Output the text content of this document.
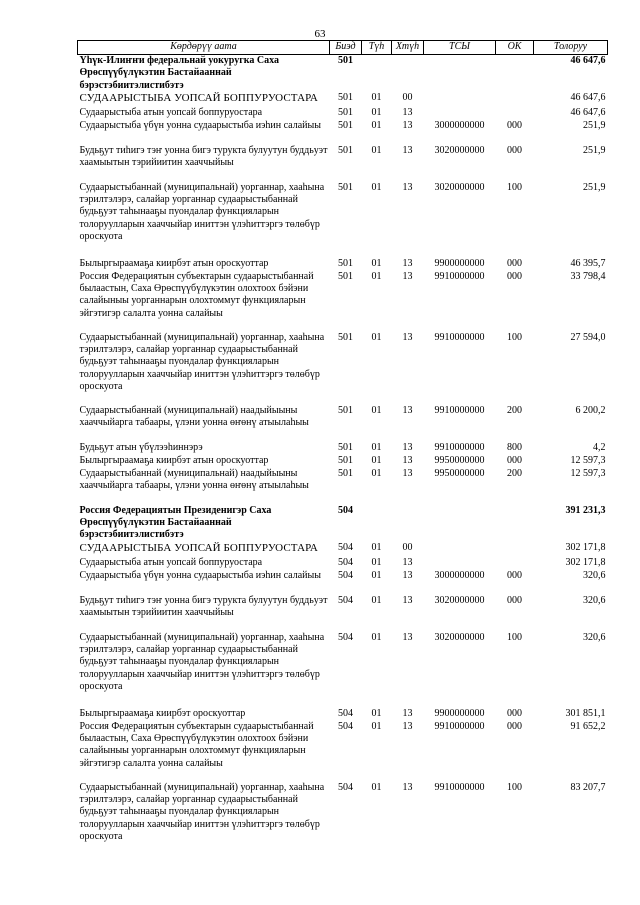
63
Көрдөрүү аата	Биэд	Түһ	Хтүһ	ТСЫ	ОК	Толоруу
Үһүк-Илиҥҥи федеральнай уокуругка Саха Өрөспүүбүлүкэтин Бастайааннай бэрэстэбиитэлистибэтэ	501					46 647,6
СУДААРЫСТЫБА УОПСАЙ БОППУРУОСТАРА	501	01	00			46 647,6
Судаарыстыба атын уопсай боппуруостара	501	01	13			46 647,6
Судаарыстыба үбүн уонна судаарыстыба иэһин салайыы	501	01	13	3000000000	000	251,9
Будьҕут тиһигэ тэҥ уонна бигэ турукта булуутун буддьуэт хаамыытын тэрийиитин хааччыйыы	501	01	13	3020000000	000	251,9
Судаарыстыбаннай (муниципальнай) уорганнар, хааһына тэрилтэлэрэ, салайар уорганнар судаарыстыбаннай будьҕуэт таһынааҕы пуондалар функцияларын толоруулларын хааччыйар иниттэн үлэһиттэргэ төлөбүр ороскуота	501	01	13	3020000000	100	251,9
Былыргыраамаҕа киирбэт атын ороскуоттар	501	01	13	9900000000	000	46 395,7
Россия Федерациятын субъектарын судаарыстыбаннай былаастын, Саха Өрөспүүбүлүкэтин олохтоох бэйэни салайыныы уорганнарын олохтоммут функцияларын эйгэтигэр салалта уонна салайыы	501	01	13	9910000000	000	33 798,4
Судаарыстыбаннай (муниципальнай) уорганнар, хааһына тэрилтэлэрэ, салайар уорганнар судаарыстыбаннай будьҕуэт таһынааҕы пуондалар функцияларын толоруулларын хааччыйар иниттэн үлэһиттэргэ төлөбүр ороскуота	501	01	13	9910000000	100	27 594,0
Судаарыстыбаннай (муниципальнай) наадыйыыны хааччыйарга табаары, үлэни уонна өҥөнү атыылаһыы	501	01	13	9910000000	200	6 200,2
Будьҕут атын үбүлээһиннэрэ	501	01	13	9910000000	800	4,2
Былыргыраамаҕа киирбэт атын ороскуоттар	501	01	13	9950000000	000	12 597,3
Судаарыстыбаннай (муниципальнай) наадыйыыны хааччыйарга табаары, үлэни уонна өҥөнү атыылаһыы	501	01	13	9950000000	200	12 597,3
Россия Федерациятын Президенигэр Саха Өрөспүүбүлүкэтин Бастайааннай бэрэстэбиитэлистибэтэ	504					391 231,3
СУДААРЫСТЫБА УОПСАЙ БОППУРУОСТАРА	504	01	00			302 171,8
Судаарыстыба атын уопсай боппуруостара	504	01	13			302 171,8
Судаарыстыба үбүн уонна судаарыстыба иэһин салайыы	504	01	13	3000000000	000	320,6
Будьҕут тиһигэ тэҥ уонна бигэ турукта булуутун буддьуэт хаамыытын тэрийиитин хааччыйыы	504	01	13	3020000000	000	320,6
Судаарыстыбаннай (муниципальнай) уорганнар, хааһына тэрилтэлэрэ, салайар уорганнар судаарыстыбаннай будьҕуэт таһынааҕы пуондалар функцияларын толоруулларын хааччыйар иниттэн үлэһиттэргэ төлөбүр ороскуота	504	01	13	3020000000	100	320,6
Былыргыраамаҕа киирбэт ороскуоттар	504	01	13	9900000000	000	301 851,1
Россия Федерациятын субъектарын судаарыстыбаннай былаастын, Саха Өрөспүүбүлүкэтин олохтоох бэйэни салайыныы уорганнарын олохтоммут функцияларын эйгэтигэр салалта уонна салайыы	504	01	13	9910000000	000	91 652,2
Судаарыстыбаннай (муниципальнай) уорганнар, хааһына тэрилтэлэрэ, салайар уорганнар судаарыстыбаннай будьҕуэт таһынааҕы пуондалар функцияларын толоруулларын хааччыйар иниттэн үлэһиттэргэ төлөбүр ороскуота	504	01	13	9910000000	100	83 207,7
